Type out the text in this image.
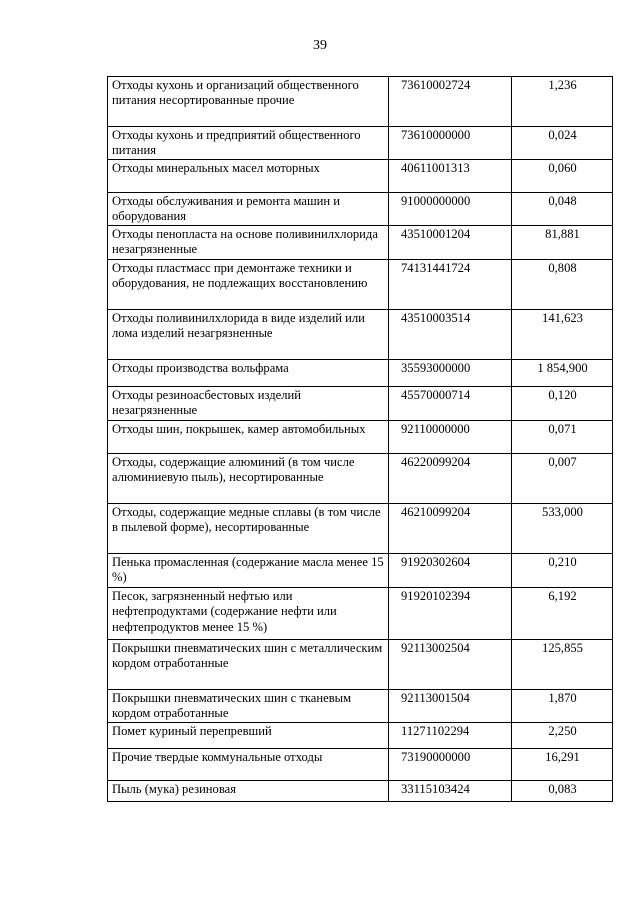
39
Отходы кухонь и организаций общественного питания несортированные прочие	73610002724	1,236
Отходы кухонь и предприятий общественного питания	73610000000	0,024
Отходы минеральных масел моторных	40611001313	0,060
Отходы обслуживания и ремонта машин и оборудования	91000000000	0,048
Отходы пенопласта на основе поливинилхлорида незагрязненные	43510001204	81,881
Отходы пластмасс при демонтаже техники и оборудования, не подлежащих восстановлению	74131441724	0,808
Отходы поливинилхлорида в виде изделий или лома изделий незагрязненные	43510003514	141,623
Отходы производства вольфрама	35593000000	1 854,900
Отходы резиноасбестовых изделий незагрязненные	45570000714	0,120
Отходы шин, покрышек, камер автомобильных	92110000000	0,071
Отходы, содержащие алюминий (в том числе алюминиевую пыль), несортированные	46220099204	0,007
Отходы, содержащие медные сплавы (в том числе в пылевой форме), несортированные	46210099204	533,000
Пенька промасленная (содержание масла менее 15 %)	91920302604	0,210
Песок, загрязненный нефтью или нефтепродуктами (содержание нефти или нефтепродуктов менее 15 %)	91920102394	6,192
Покрышки пневматических шин с металлическим кордом отработанные	92113002504	125,855
Покрышки пневматических шин с тканевым кордом отработанные	92113001504	1,870
Помет куриный перепревший	11271102294	2,250
Прочие твердые коммунальные отходы	73190000000	16,291
Пыль (мука) резиновая	33115103424	0,083
